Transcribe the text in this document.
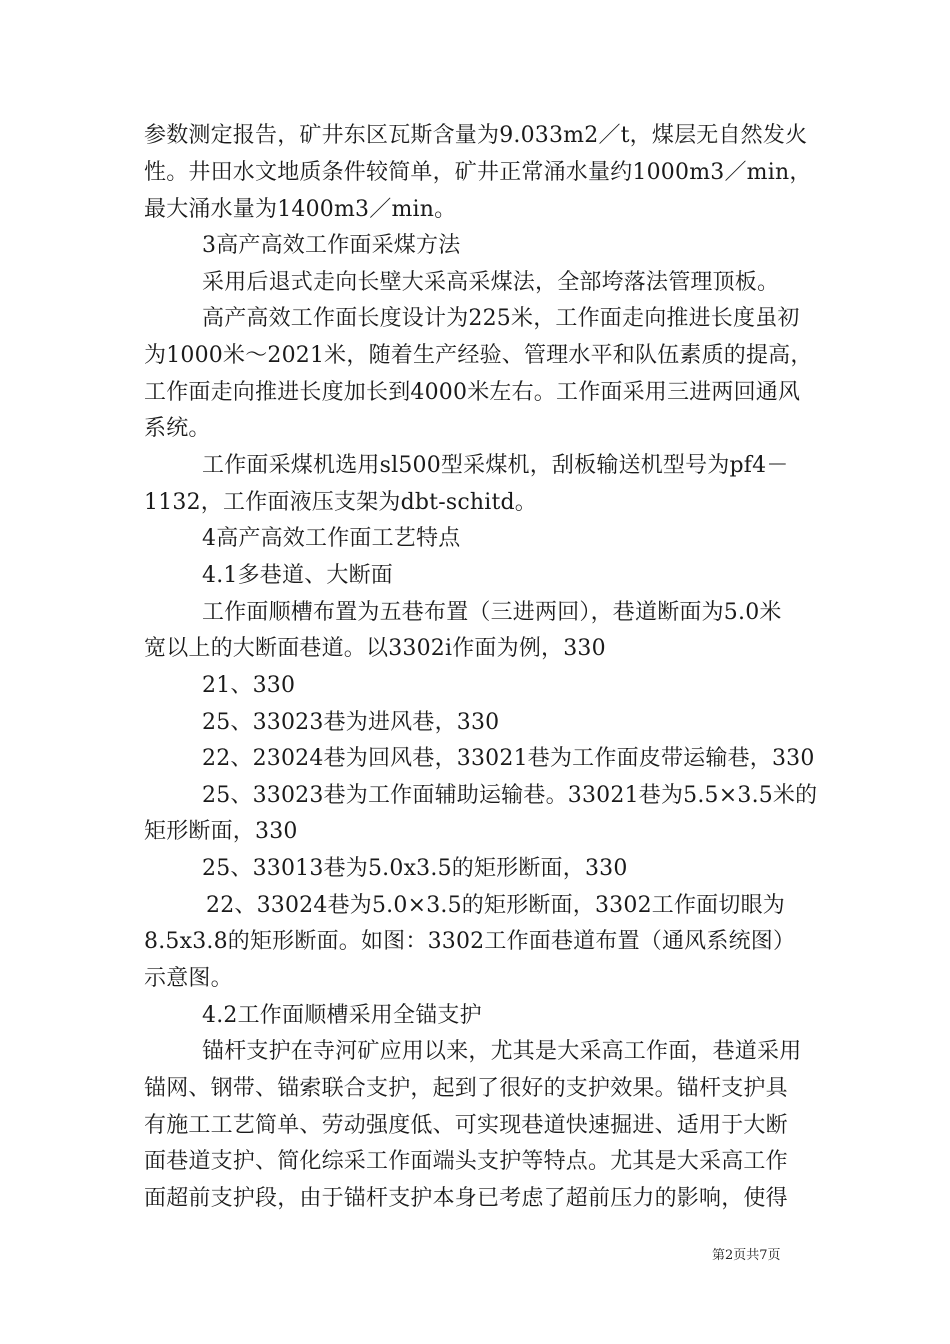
参数测定报告，矿井东区瓦斯含量为9.033m2／t，煤层无自然发火
性。井田水文地质条件较简单，矿井正常涌水量约1000m3／min，
最大涌水量为1400m3／min。
3高产高效工作面采煤方法
采用后退式走向长壁大采高采煤法，全部垮落法管理顶板。
高产高效工作面长度设计为225米，工作面走向推进长度虽初
为1000米～2021米，随着生产经验、管理水平和队伍素质的提高，
工作面走向推进长度加长到4000米左右。工作面采用三进两回通风
系统。
工作面采煤机选用sl500型采煤机，刮板输送机型号为pf4－
1132，工作面液压支架为dbt-schitd。
4高产高效工作面工艺特点
4.1多巷道、大断面
工作面顺槽布置为五巷布置（三进两回），巷道断面为5.0米
宽以上的大断面巷道。以3302i作面为例，330
21、330
25、33023巷为进风巷，330
22、23024巷为回风巷，33021巷为工作面皮带运输巷，330
25、33023巷为工作面辅助运输巷。33021巷为5.5×3.5米的
矩形断面，330
25、33013巷为5.0x3.5的矩形断面，330
22、33024巷为5.0×3.5的矩形断面，3302工作面切眼为
8.5x3.8的矩形断面。如图：3302工作面巷道布置（通风系统图）
示意图。
4.2工作面顺槽采用全锚支护
锚杆支护在寺河矿应用以来，尤其是大采高工作面，巷道采用
锚网、钢带、锚索联合支护，起到了很好的支护效果。锚杆支护具
有施工工艺简单、劳动强度低、可实现巷道快速掘进、适用于大断
面巷道支护、简化综采工作面端头支护等特点。尤其是大采高工作
面超前支护段，由于锚杆支护本身已考虑了超前压力的影响，使得
第2页共7页
